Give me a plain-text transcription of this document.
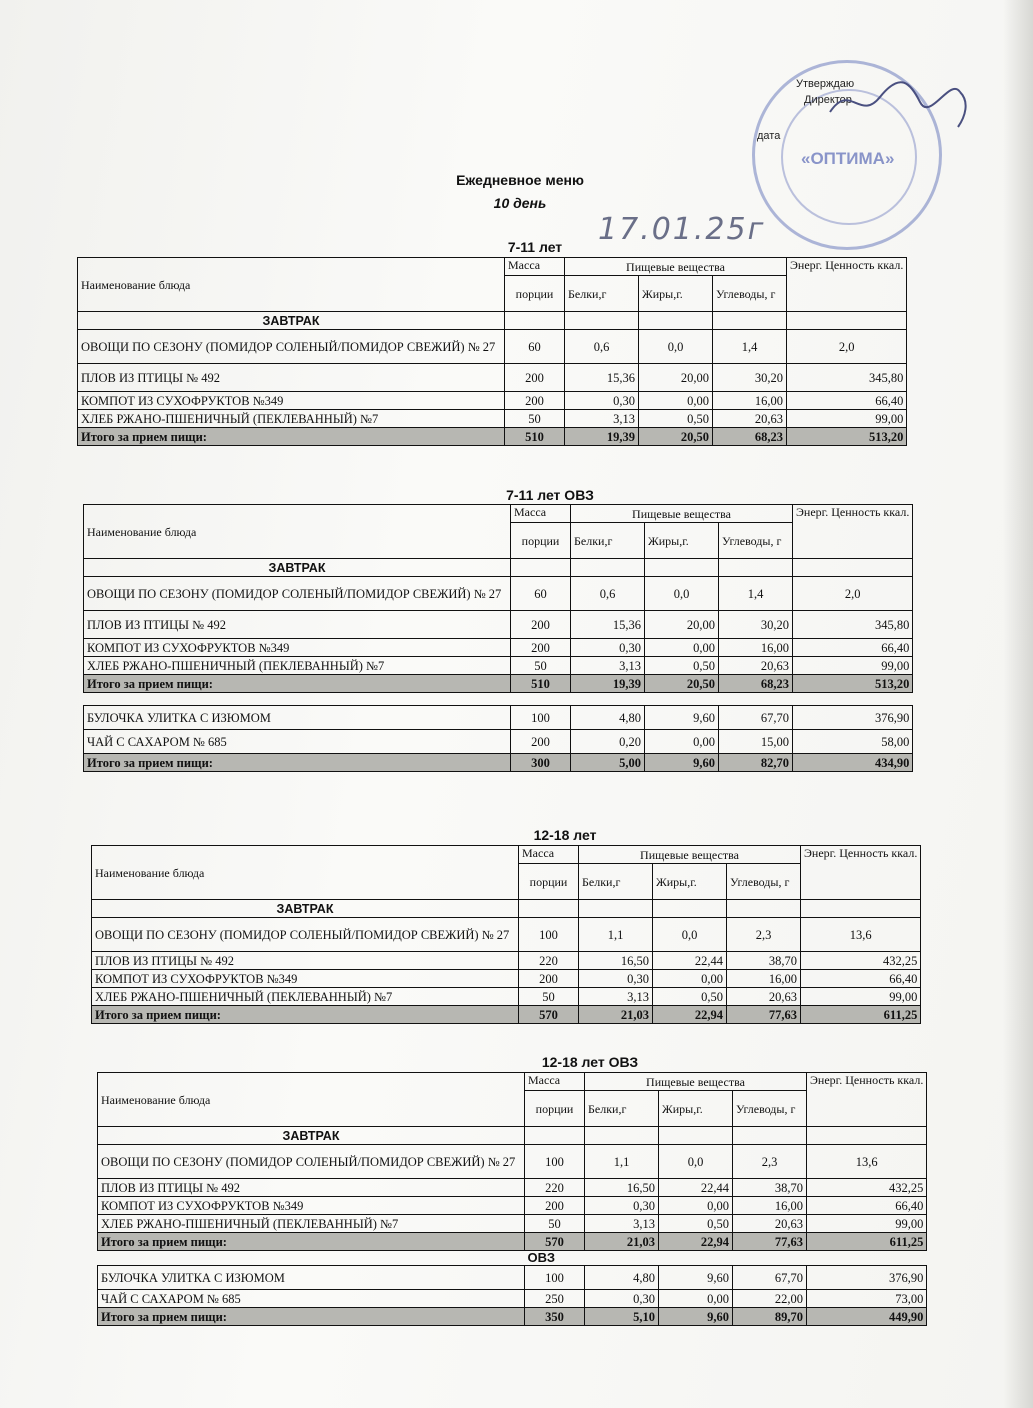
«ОПТИМА»
Утверждаю
Директор
дата
Ежедневное меню
10 день
17.01.25г
7-11 лет
Наименование блюда	Масса	Пищевые вещества			Энерг. Ценность ккал.
	порции	Белки,г	Жиры,г.	Углеводы, г	
ЗАВТРАК					
ОВОЩИ ПО СЕЗОНУ (ПОМИДОР СОЛЕНЫЙ/ПОМИДОР СВЕЖИЙ) № 27	60	0,6	0,0	1,4	2,0
ПЛОВ ИЗ ПТИЦЫ № 492	200	15,36	20,00	30,20	345,80
КОМПОТ ИЗ СУХОФРУКТОВ №349	200	0,30	0,00	16,00	66,40
ХЛЕБ РЖАНО-ПШЕНИЧНЫЙ (ПЕКЛЕВАННЫЙ) №7	50	3,13	0,50	20,63	99,00
Итого за прием пищи:	510	19,39	20,50	68,23	513,20
7-11 лет ОВЗ
Наименование блюда	Масса	Пищевые вещества			Энерг. Ценность ккал.
	порции	Белки,г	Жиры,г.	Углеводы, г	
ЗАВТРАК					
ОВОЩИ ПО СЕЗОНУ (ПОМИДОР СОЛЕНЫЙ/ПОМИДОР СВЕЖИЙ) № 27	60	0,6	0,0	1,4	2,0
ПЛОВ ИЗ ПТИЦЫ № 492	200	15,36	20,00	30,20	345,80
КОМПОТ ИЗ СУХОФРУКТОВ №349	200	0,30	0,00	16,00	66,40
ХЛЕБ РЖАНО-ПШЕНИЧНЫЙ (ПЕКЛЕВАННЫЙ) №7	50	3,13	0,50	20,63	99,00
Итого за прием пищи:	510	19,39	20,50	68,23	513,20

БУЛОЧКА УЛИТКА С ИЗЮМОМ	100	4,80	9,60	67,70	376,90
ЧАЙ С САХАРОМ № 685	200	0,20	0,00	15,00	58,00
Итого за прием пищи:	300	5,00	9,60	82,70	434,90
12-18 лет
Наименование блюда	Масса	Пищевые вещества			Энерг. Ценность ккал.
	порции	Белки,г	Жиры,г.	Углеводы, г	
ЗАВТРАК					
ОВОЩИ ПО СЕЗОНУ (ПОМИДОР СОЛЕНЫЙ/ПОМИДОР СВЕЖИЙ) № 27	100	1,1	0,0	2,3	13,6
ПЛОВ ИЗ ПТИЦЫ № 492	220	16,50	22,44	38,70	432,25
КОМПОТ ИЗ СУХОФРУКТОВ №349	200	0,30	0,00	16,00	66,40
ХЛЕБ РЖАНО-ПШЕНИЧНЫЙ (ПЕКЛЕВАННЫЙ) №7	50	3,13	0,50	20,63	99,00
Итого за прием пищи:	570	21,03	22,94	77,63	611,25
12-18 лет ОВЗ
Наименование блюда	Масса	Пищевые вещества			Энерг. Ценность ккал.
	порции	Белки,г	Жиры,г.	Углеводы, г	
ЗАВТРАК					
ОВОЩИ ПО СЕЗОНУ (ПОМИДОР СОЛЕНЫЙ/ПОМИДОР СВЕЖИЙ) № 27	100	1,1	0,0	2,3	13,6
ПЛОВ ИЗ ПТИЦЫ № 492	220	16,50	22,44	38,70	432,25
КОМПОТ ИЗ СУХОФРУКТОВ №349	200	0,30	0,00	16,00	66,40
ХЛЕБ РЖАНО-ПШЕНИЧНЫЙ (ПЕКЛЕВАННЫЙ) №7	50	3,13	0,50	20,63	99,00
Итого за прием пищи:	570	21,03	22,94	77,63	611,25
	ОВЗ				
БУЛОЧКА УЛИТКА С ИЗЮМОМ	100	4,80	9,60	67,70	376,90
ЧАЙ С САХАРОМ № 685	250	0,30	0,00	22,00	73,00
Итого за прием пищи:	350	5,10	9,60	89,70	449,90
